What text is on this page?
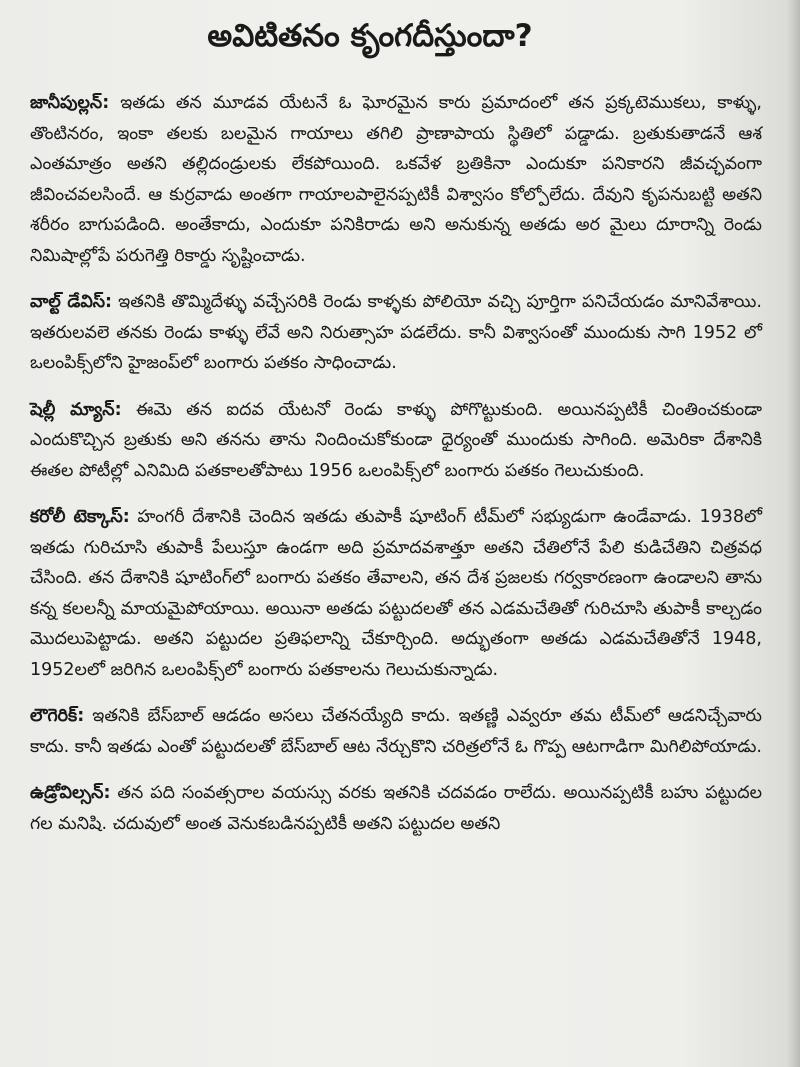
అవిటితనం కృంగదీస్తుందా?

జానీపుల్లన్: ఇతడు తన మూడవ యేటనే ఓ ఘోరమైన కారు ప్రమాదంలో తన ప్రక్కటెముకలు, కాళ్ళు, తొంటినరం, ఇంకా తలకు బలమైన గాయాలు తగిలి ప్రాణాపాయ స్థితిలో పడ్డాడు. బ్రతుకుతాడనే ఆశ ఎంతమాత్రం అతని తల్లిదండ్రులకు లేకపోయింది. ఒకవేళ బ్రతికినా ఎందుకూ పనికారని జీవచ్ఛవంగా జీవించవలసిందే. ఆ కుర్రవాడు అంతగా గాయాలపాలైనప్పటికీ విశ్వాసం కోల్పోలేదు. దేవుని కృపనుబట్టి అతని శరీరం బాగుపడింది. అంతేకాదు, ఎందుకూ పనికిరాడు అని అనుకున్న అతడు అర మైలు దూరాన్ని రెండు నిమిషాల్లోపే పరుగెత్తి రికార్డు సృష్టించాడు.

వాల్ట్ డేవిస్: ఇతనికి తొమ్మిదేళ్ళు వచ్చేసరికి రెండు కాళ్ళకు పోలియో వచ్చి పూర్తిగా పనిచేయడం మానివేశాయి. ఇతరులవలె తనకు రెండు కాళ్ళు లేవే అని నిరుత్సాహ పడలేదు. కానీ విశ్వాసంతో ముందుకు సాగి 1952 లో ఒలంపిక్స్‌లోని హైజంప్‌లో బంగారు పతకం సాధించాడు.

షెల్లీ మ్యాన్: ఈమె తన ఐదవ యేటనో రెండు కాళ్ళు పోగొట్టుకుంది. అయినప్పటికీ చింతించకుండా ఎందుకొచ్చిన బ్రతుకు అని తనను తాను నిందించుకోకుండా ధైర్యంతో ముందుకు సాగింది. అమెరికా దేశానికి ఈతల పోటీల్లో ఎనిమిది పతకాలతోపాటు 1956 ఒలంపిక్స్‌లో బంగారు పతకం గెలుచుకుంది.

కరోలీ టెక్కాస్: హంగరీ దేశానికి చెందిన ఇతడు తుపాకీ షూటింగ్ టీమ్‌లో సభ్యుడుగా ఉండేవాడు. 1938లో ఇతడు గురిచూసి తుపాకీ పేలుస్తూ ఉండగా అది ప్రమాదవశాత్తూ అతని చేతిలోనే పేలి కుడిచేతిని చిత్రవధ చేసింది. తన దేశానికి షూటింగ్‌లో బంగారు పతకం తేవాలని, తన దేశ ప్రజలకు గర్వకారణంగా ఉండాలని తాను కన్న కలలన్నీ మాయమైపోయాయి. అయినా అతడు పట్టుదలతో తన ఎడమచేతితో గురిచూసి తుపాకీ కాల్చడం మొదలుపెట్టాడు. అతని పట్టుదల ప్రతిఫలాన్ని చేకూర్చింది. అద్భుతంగా అతడు ఎడమచేతితోనే 1948, 1952లలో జరిగిన ఒలంపిక్స్‌లో బంగారు పతకాలను గెలుచుకున్నాడు.

లౌగెరిక్: ఇతనికి బేస్‌బాల్ ఆడడం అసలు చేతనయ్యేది కాదు. ఇతణ్ణి ఎవ్వరూ తమ టీమ్‌లో ఆడనిచ్చేవారు కాదు. కానీ ఇతడు ఎంతో పట్టుదలతో బేస్‌బాల్ ఆట నేర్చుకొని చరిత్రలోనే ఓ గొప్ప ఆటగాడిగా మిగిలిపోయాడు.

ఉడ్రోవిల్సన్: తన పది సంవత్సరాల వయస్సు వరకు ఇతనికి చదవడం రాలేదు. అయినప్పటికీ బహు పట్టుదల గల మనిషి. చదువులో అంత వెనుకబడినప్పటికీ అతని పట్టుదల అతని
